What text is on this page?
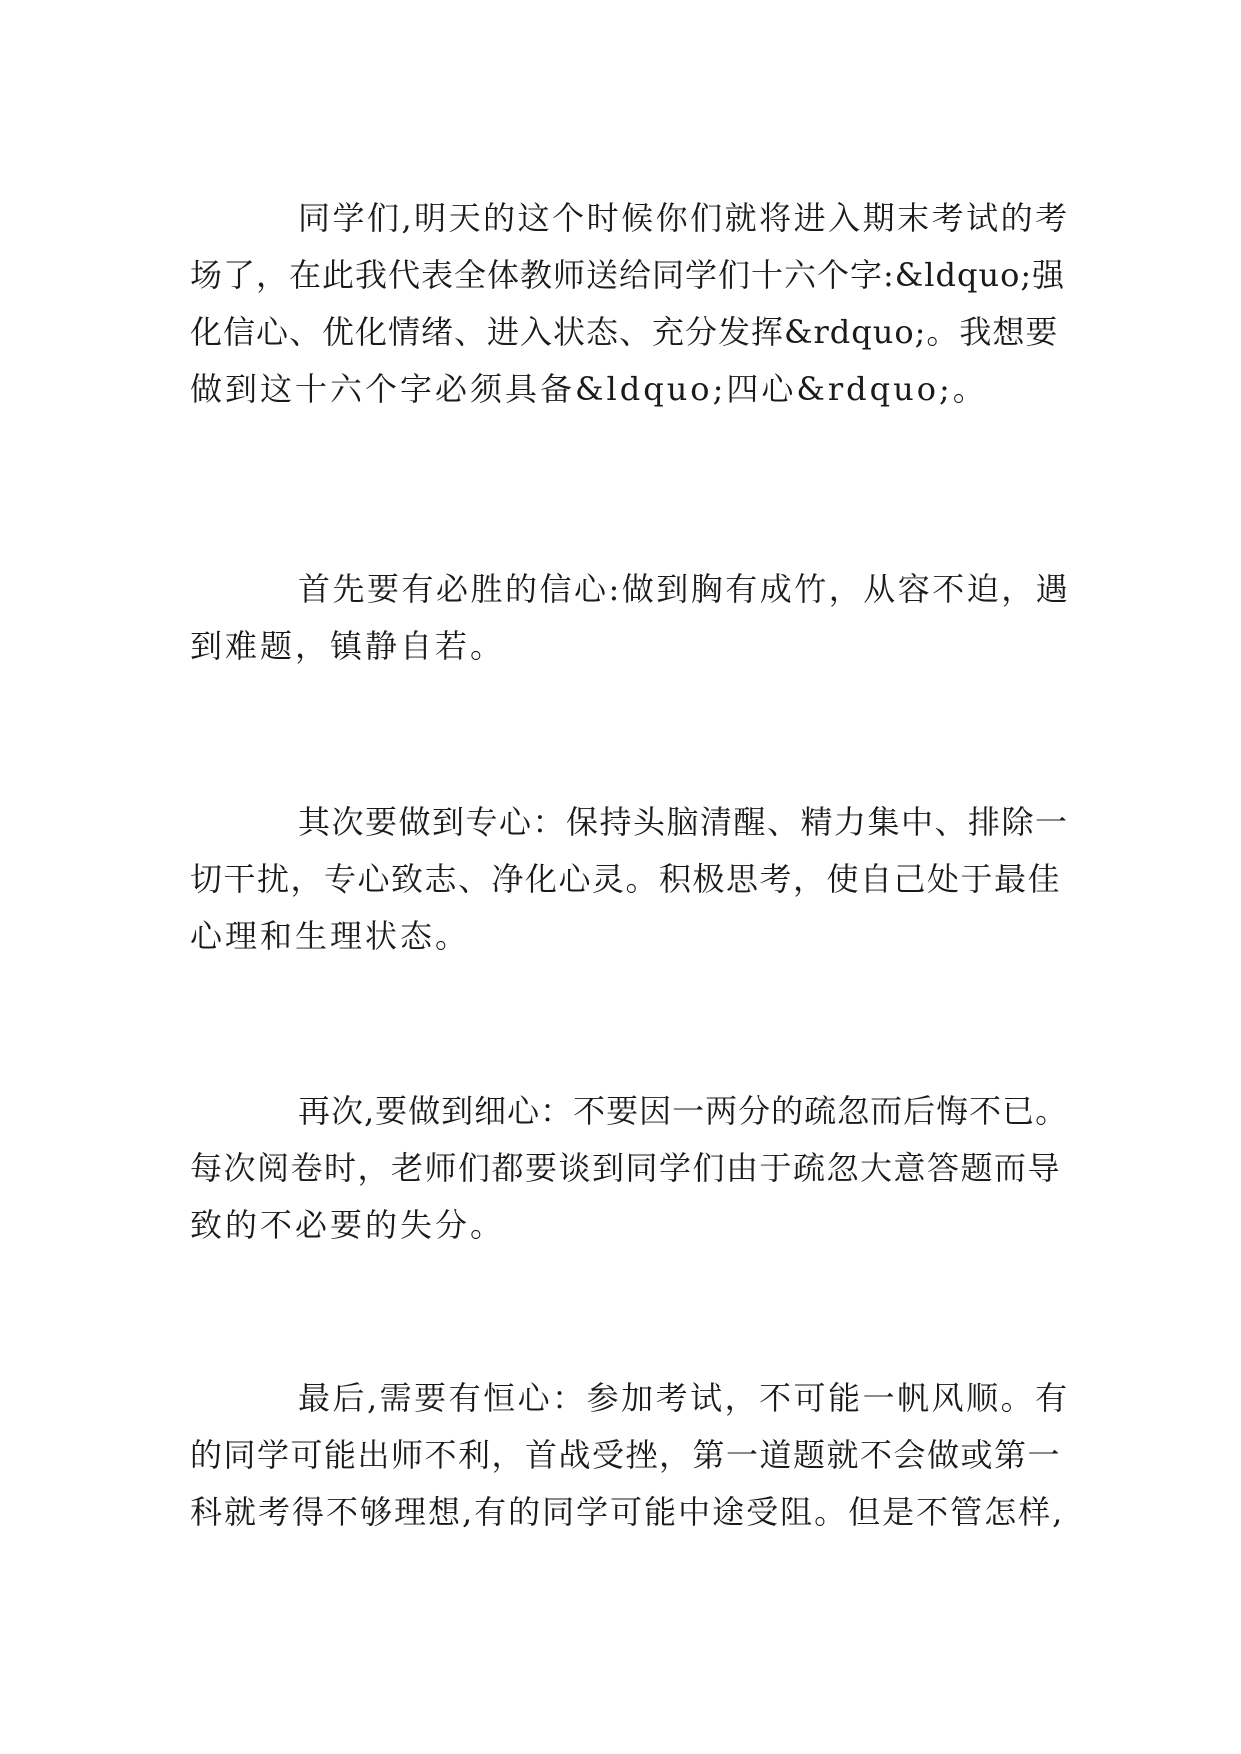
同学们,明天的这个时候你们就将进入期末考试的考
场了，在此我代表全体教师送给同学们十六个字:&ldquo;强
化信心、优化情绪、进入状态、充分发挥&rdquo;。我想要
做到这十六个字必须具备&ldquo;四心&rdquo;。
首先要有必胜的信心:做到胸有成竹，从容不迫，遇
到难题，镇静自若。
其次要做到专心：保持头脑清醒、精力集中、排除一
切干扰，专心致志、净化心灵。积极思考，使自己处于最佳
心理和生理状态。
再次,要做到细心：不要因一两分的疏忽而后悔不已。
每次阅卷时，老师们都要谈到同学们由于疏忽大意答题而导
致的不必要的失分。
最后,需要有恒心：参加考试，不可能一帆风顺。有
的同学可能出师不利，首战受挫，第一道题就不会做或第一
科就考得不够理想,有的同学可能中途受阻。但是不管怎样,
